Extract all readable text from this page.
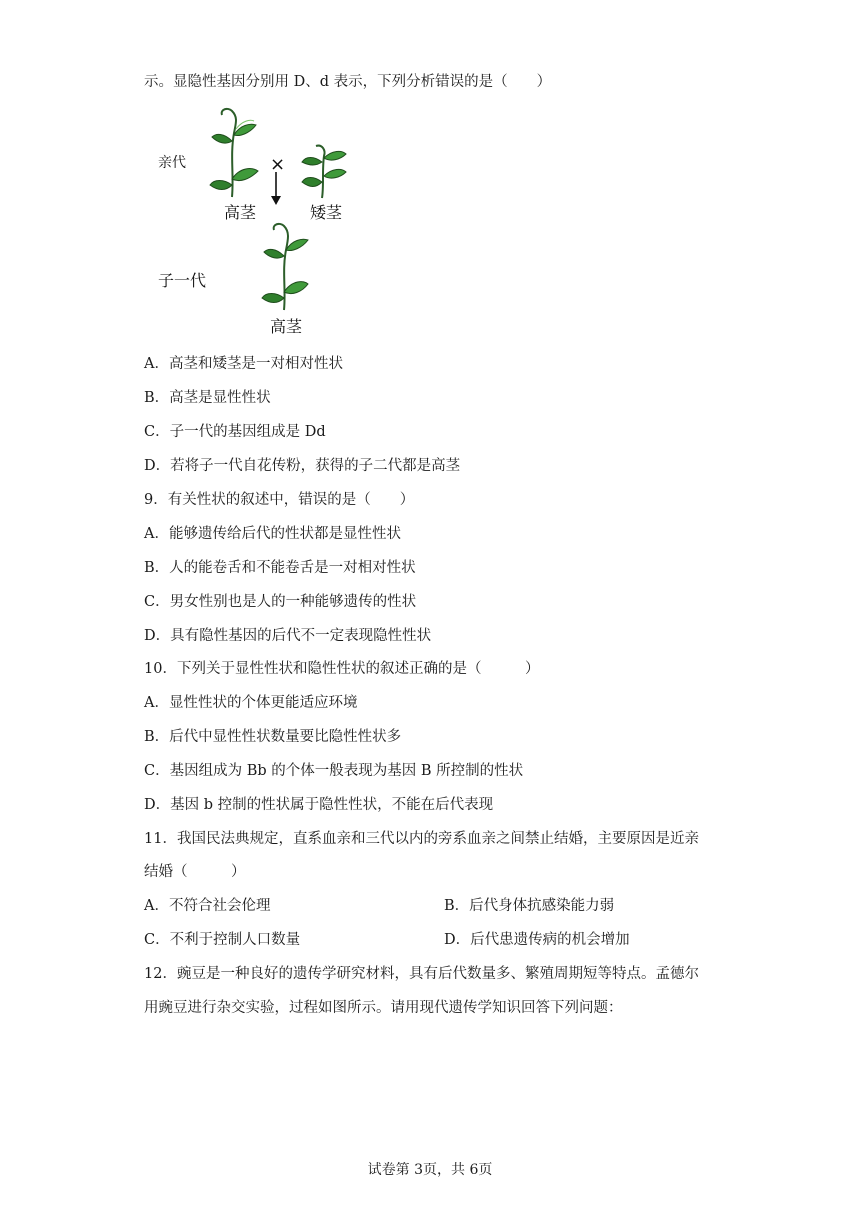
示。显隐性基因分别用 D、d 表示，下列分析错误的是（　　）
亲代	×
高茎	矮茎
子一代
高茎
A．高茎和矮茎是一对相对性状
B．高茎是显性性状
C．子一代的基因组成是 Dd
D．若将子一代自花传粉，获得的子二代都是高茎
9．有关性状的叙述中，错误的是（　　）
A．能够遗传给后代的性状都是显性性状
B．人的能卷舌和不能卷舌是一对相对性状
C．男女性别也是人的一种能够遗传的性状
D．具有隐性基因的后代不一定表现隐性性状
10．下列关于显性性状和隐性性状的叙述正确的是（　　　）
A．显性性状的个体更能适应环境
B．后代中显性性状数量要比隐性性状多
C．基因组成为 Bb 的个体一般表现为基因 B 所控制的性状
D．基因 b 控制的性状属于隐性性状，不能在后代表现
11．我国民法典规定，直系血亲和三代以内的旁系血亲之间禁止结婚，主要原因是近亲
结婚（　　　）
A．不符合社会伦理	B．后代身体抗感染能力弱
C．不利于控制人口数量	D．后代患遗传病的机会增加
12．豌豆是一种良好的遗传学研究材料，具有后代数量多、繁殖周期短等特点。孟德尔
用豌豆进行杂交实验，过程如图所示。请用现代遗传学知识回答下列问题：
试卷第 3页，共 6页
